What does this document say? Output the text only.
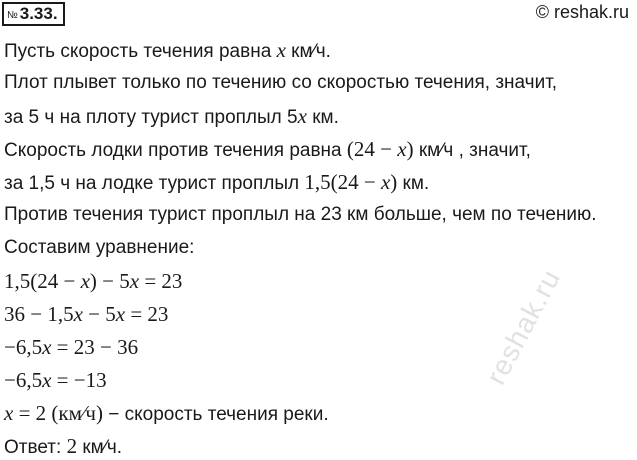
№ 3.33.	© reshak.ru
Пусть скорость течения равна x км⁄ч.
Плот плывет только по течению со скоростью течения, значит,
за 5 ч на плоту турист проплыл 5x км.
Скорость лодки против течения равна (24 − x) км⁄ч , значит,
за 1,5 ч на лодке турист проплыл 1,5(24 − x) км.
Против течения турист проплыл на 23 км больше, чем по течению.
Составим уравнение:
1,5(24 − x) − 5x = 23
36 − 1,5x − 5x = 23
−6,5x = 23 − 36
−6,5x = −13
x = 2 (км⁄ч) − скорость течения реки.
Ответ: 2 км⁄ч.
reshak.ru
